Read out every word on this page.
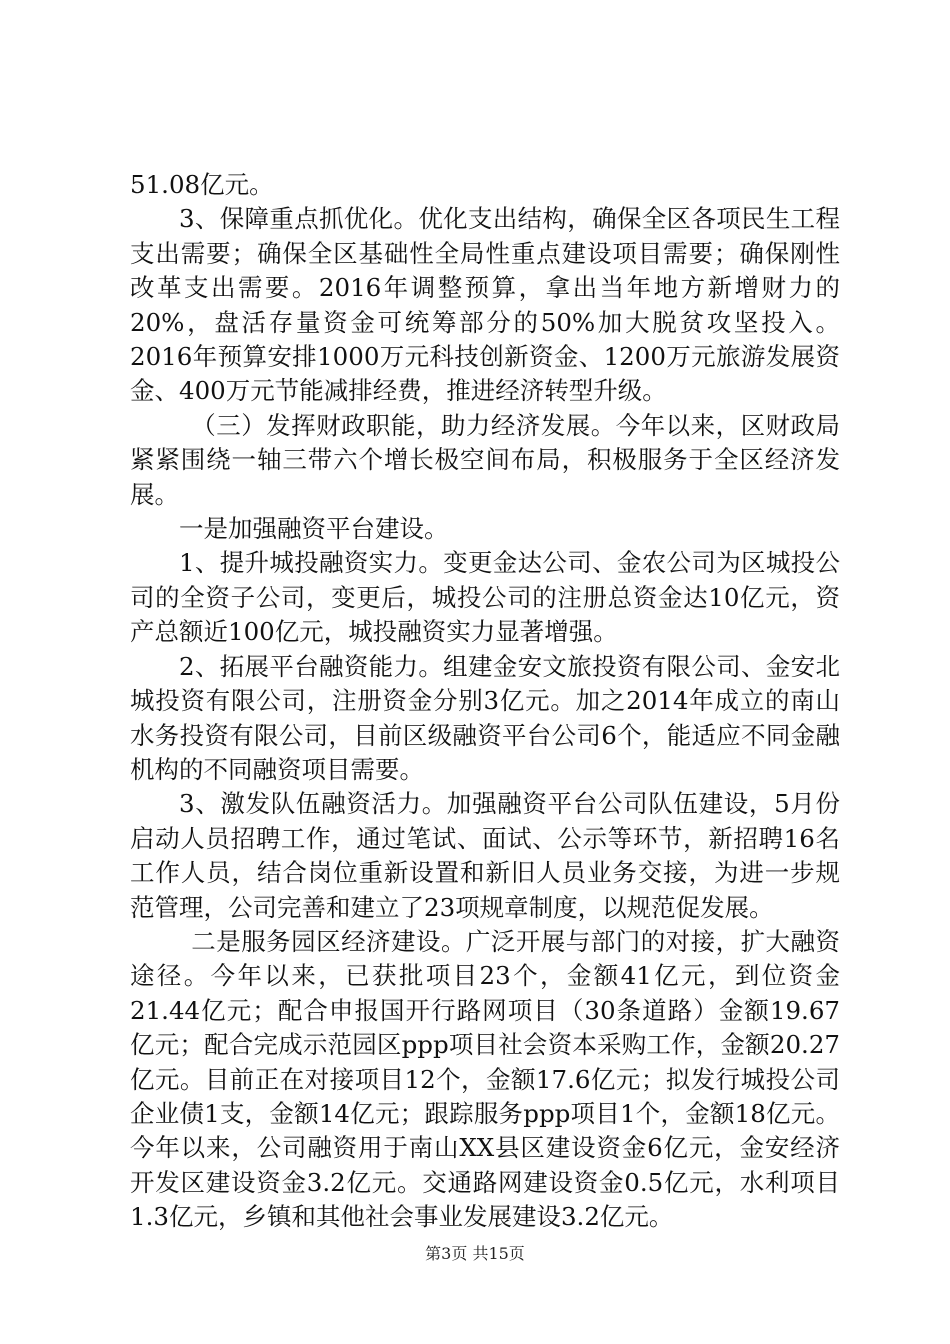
51.08亿元。

3、保障重点抓优化。优化支出结构，确保全区各项民生工程支出需要；确保全区基础性全局性重点建设项目需要；确保刚性改革支出需要。2016年调整预算，拿出当年地方新增财力的20%，盘活存量资金可统筹部分的50%加大脱贫攻坚投入。2016年预算安排1000万元科技创新资金、1200万元旅游发展资金、400万元节能减排经费，推进经济转型升级。

（三）发挥财政职能，助力经济发展。今年以来，区财政局紧紧围绕一轴三带六个增长极空间布局，积极服务于全区经济发展。

一是加强融资平台建设。

1、提升城投融资实力。变更金达公司、金农公司为区城投公司的全资子公司，变更后，城投公司的注册总资金达10亿元，资产总额近100亿元，城投融资实力显著增强。

2、拓展平台融资能力。组建金安文旅投资有限公司、金安北城投资有限公司，注册资金分别3亿元。加之2014年成立的南山水务投资有限公司，目前区级融资平台公司6个，能适应不同金融机构的不同融资项目需要。

3、激发队伍融资活力。加强融资平台公司队伍建设，5月份启动人员招聘工作，通过笔试、面试、公示等环节，新招聘16名工作人员，结合岗位重新设置和新旧人员业务交接，为进一步规范管理，公司完善和建立了23项规章制度，以规范促发展。

二是服务园区经济建设。广泛开展与部门的对接，扩大融资途径。今年以来，已获批项目23个，金额41亿元，到位资金21.44亿元；配合申报国开行路网项目（30条道路）金额19.67亿元；配合完成示范园区ppp项目社会资本采购工作，金额20.27亿元。目前正在对接项目12个，金额17.6亿元；拟发行城投公司企业债1支，金额14亿元；跟踪服务ppp项目1个，金额18亿元。今年以来，公司融资用于南山XX县区建设资金6亿元，金安经济开发区建设资金3.2亿元。交通路网建设资金0.5亿元，水利项目1.3亿元，乡镇和其他社会事业发展建设3.2亿元。

第3页 共15页
